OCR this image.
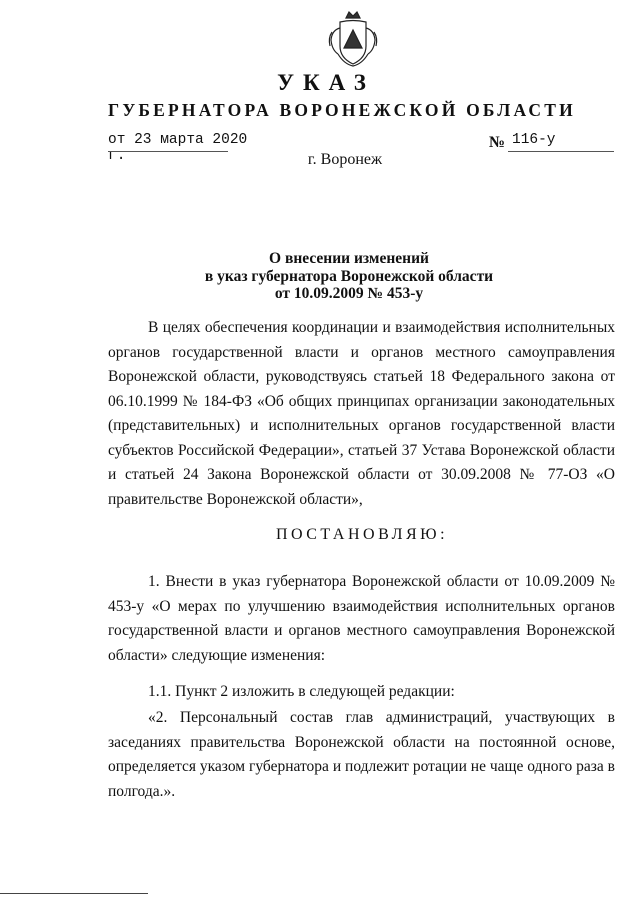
УКАЗ
ГУБЕРНАТОРА ВОРОНЕЖСКОЙ ОБЛАСТИ
от 23 марта 2020 г.
№ 116-у
г. Воронеж
О внесении изменений
в указ губернатора Воронежской области
от 10.09.2009 № 453-у
В целях обеспечения координации и взаимодействия исполнительных органов государственной власти и органов местного самоуправления Воронежской области, руководствуясь статьей 18 Федерального закона от 06.10.1999 № 184-ФЗ «Об общих принципах организации законодательных (представительных) и исполнительных органов государственной власти субъектов Российской Федерации», статьей 37 Устава Воронежской области и статьей 24 Закона Воронежской области от 30.09.2008 № 77-ОЗ «О правительстве Воронежской области»,
ПОСТАНОВЛЯЮ:
1. Внести в указ губернатора Воронежской области от 10.09.2009 № 453-у «О мерах по улучшению взаимодействия исполнительных органов государственной власти и органов местного самоуправления Воронежской области» следующие изменения:
1.1. Пункт 2 изложить в следующей редакции:
«2. Персональный состав глав администраций, участвующих в заседаниях правительства Воронежской области на постоянной основе, определяется указом губернатора и подлежит ротации не чаще одного раза в полгода.».
